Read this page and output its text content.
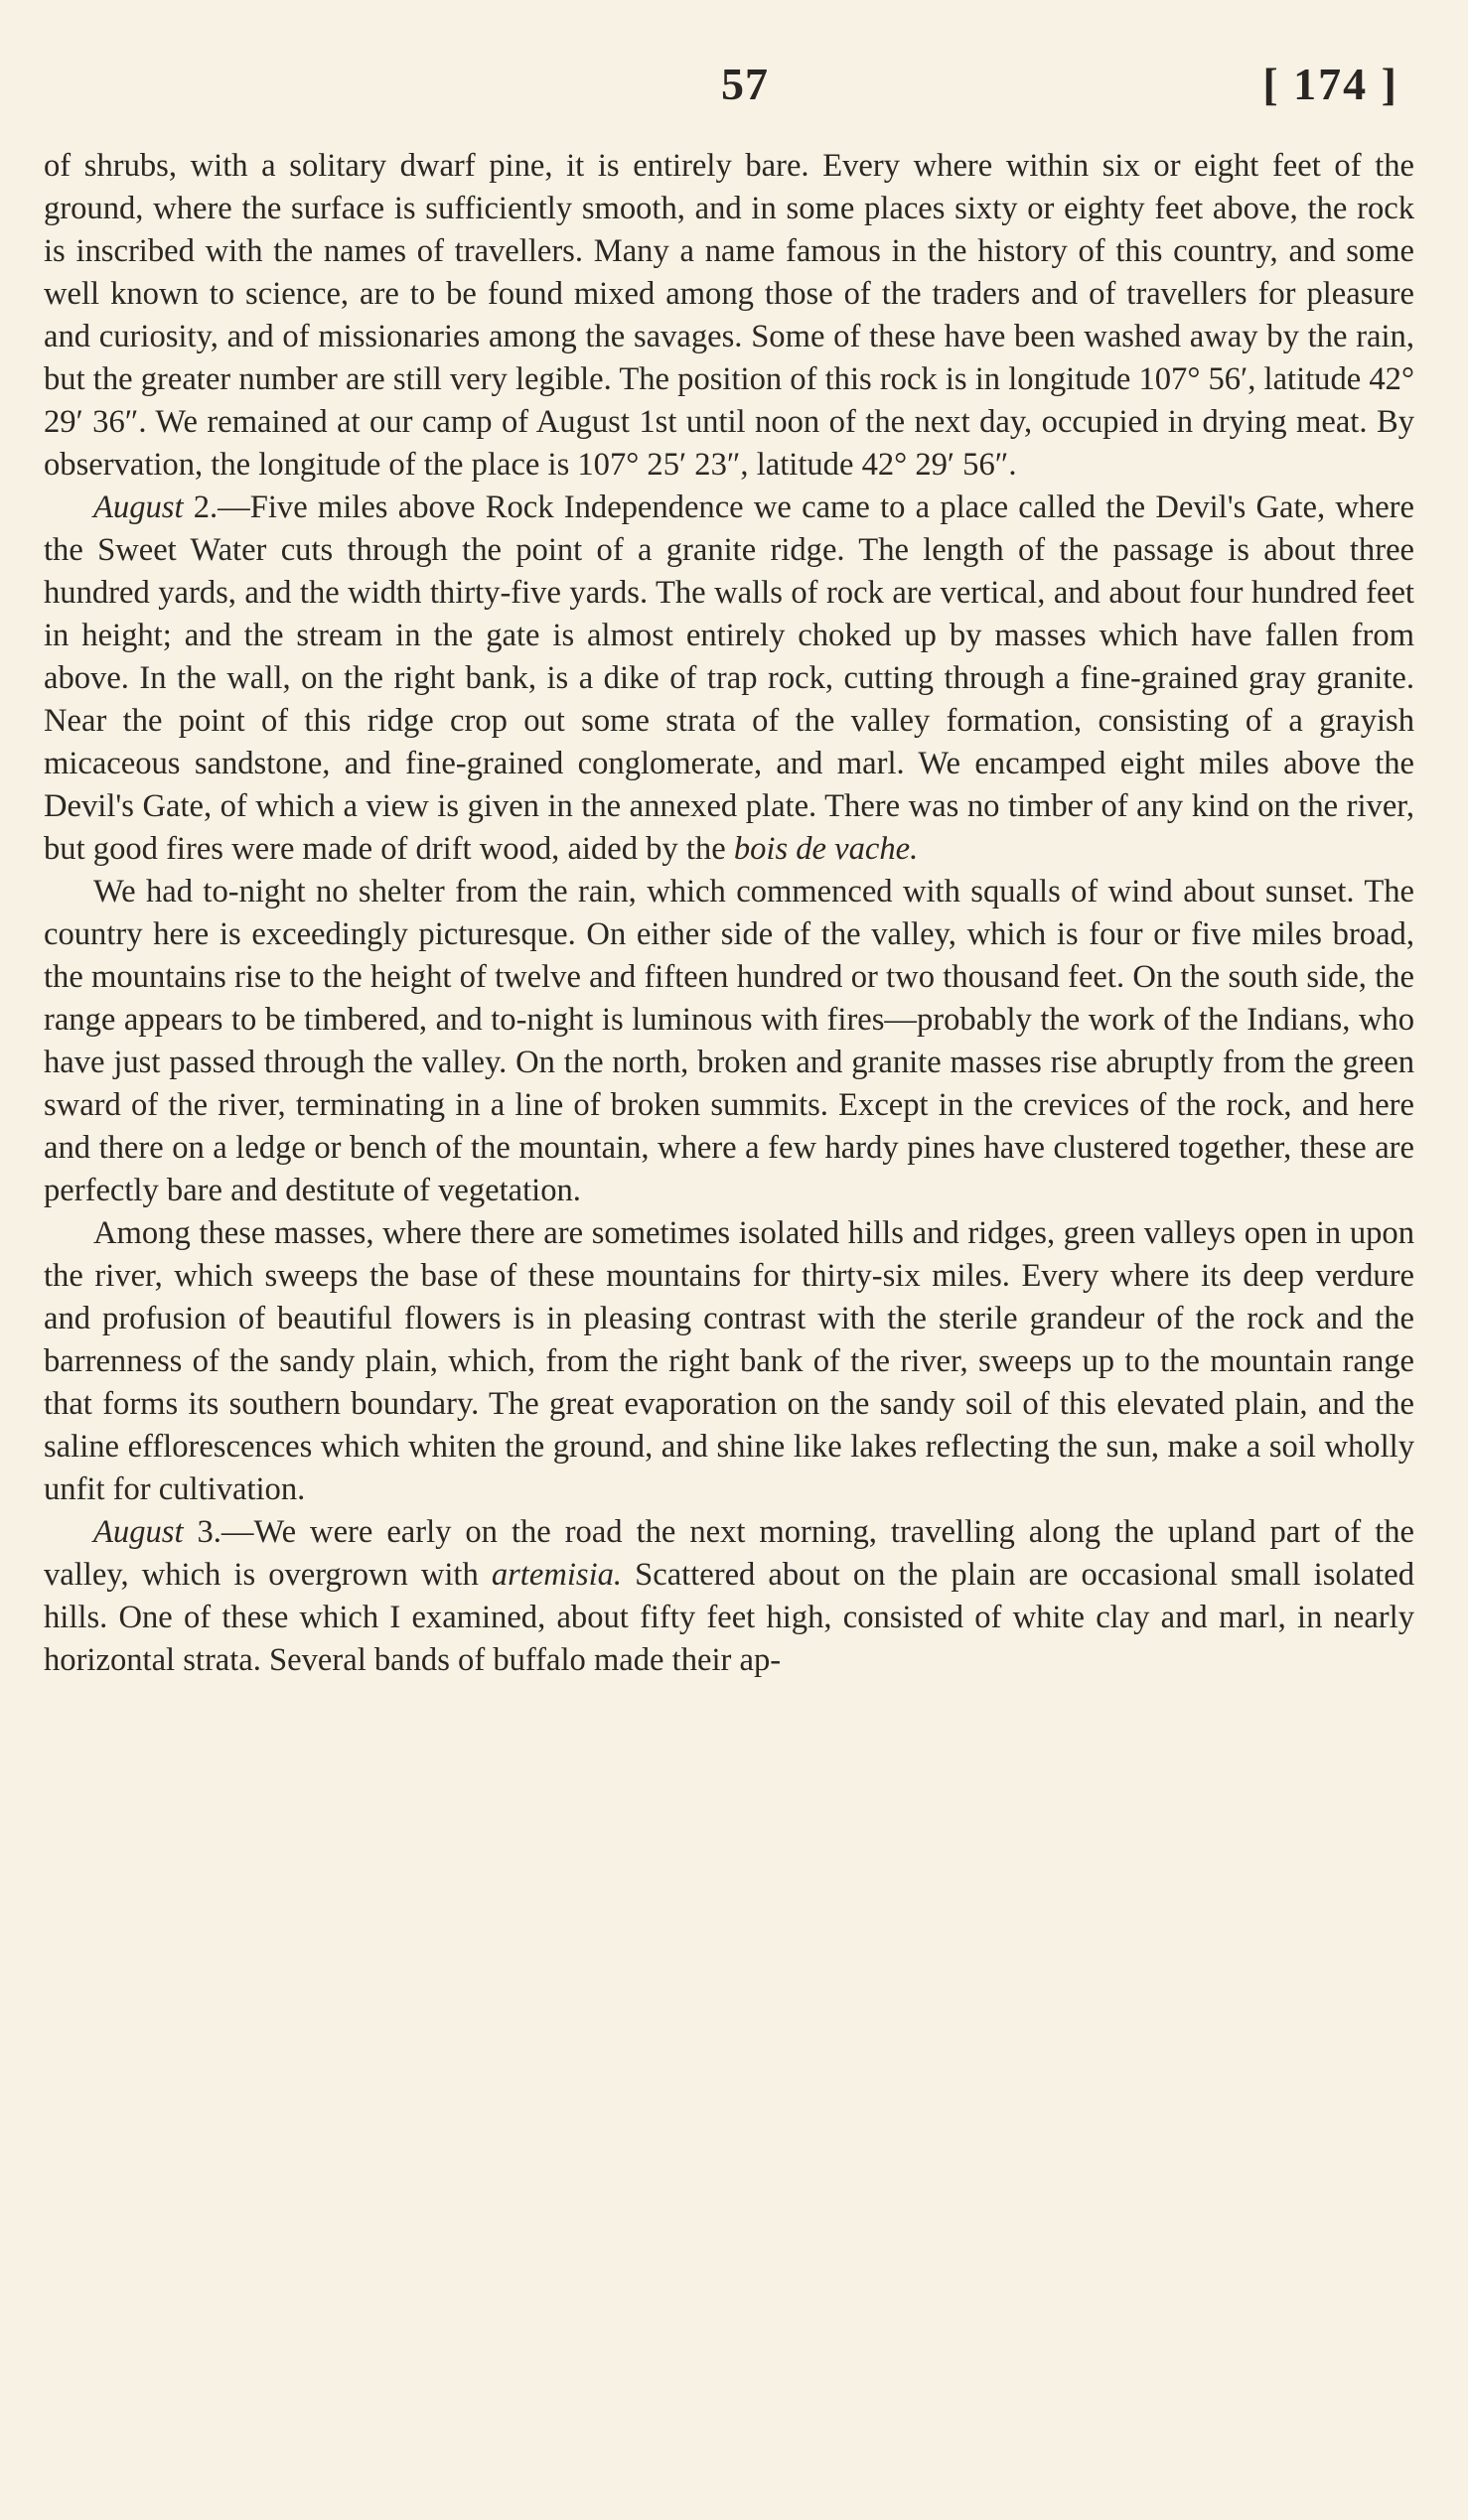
57	[ 174 ]

of shrubs, with a solitary dwarf pine, it is entirely bare. Every where within six or eight feet of the ground, where the surface is sufficiently smooth, and in some places sixty or eighty feet above, the rock is inscribed with the names of travellers. Many a name famous in the history of this country, and some well known to science, are to be found mixed among those of the traders and of travellers for pleasure and curiosity, and of missionaries among the savages. Some of these have been washed away by the rain, but the greater number are still very legible. The position of this rock is in longitude 107° 56′, latitude 42° 29′ 36″. We remained at our camp of August 1st until noon of the next day, occupied in drying meat. By observation, the longitude of the place is 107° 25′ 23″, latitude 42° 29′ 56″.

August 2.—Five miles above Rock Independence we came to a place called the Devil's Gate, where the Sweet Water cuts through the point of a granite ridge. The length of the passage is about three hundred yards, and the width thirty-five yards. The walls of rock are vertical, and about four hundred feet in height; and the stream in the gate is almost entirely choked up by masses which have fallen from above. In the wall, on the right bank, is a dike of trap rock, cutting through a fine-grained gray granite. Near the point of this ridge crop out some strata of the valley formation, consisting of a grayish micaceous sandstone, and fine-grained conglomerate, and marl. We encamped eight miles above the Devil's Gate, of which a view is given in the annexed plate. There was no timber of any kind on the river, but good fires were made of drift wood, aided by the bois de vache.

We had to-night no shelter from the rain, which commenced with squalls of wind about sunset. The country here is exceedingly picturesque. On either side of the valley, which is four or five miles broad, the mountains rise to the height of twelve and fifteen hundred or two thousand feet. On the south side, the range appears to be timbered, and to-night is luminous with fires—probably the work of the Indians, who have just passed through the valley. On the north, broken and granite masses rise abruptly from the green sward of the river, terminating in a line of broken summits. Except in the crevices of the rock, and here and there on a ledge or bench of the mountain, where a few hardy pines have clustered together, these are perfectly bare and destitute of vegetation.

Among these masses, where there are sometimes isolated hills and ridges, green valleys open in upon the river, which sweeps the base of these mountains for thirty-six miles. Every where its deep verdure and profusion of beautiful flowers is in pleasing contrast with the sterile grandeur of the rock and the barrenness of the sandy plain, which, from the right bank of the river, sweeps up to the mountain range that forms its southern boundary. The great evaporation on the sandy soil of this elevated plain, and the saline efflorescences which whiten the ground, and shine like lakes reflecting the sun, make a soil wholly unfit for cultivation.

August 3.—We were early on the road the next morning, travelling along the upland part of the valley, which is overgrown with artemisia. Scattered about on the plain are occasional small isolated hills. One of these which I examined, about fifty feet high, consisted of white clay and marl, in nearly horizontal strata. Several bands of buffalo made their ap-
